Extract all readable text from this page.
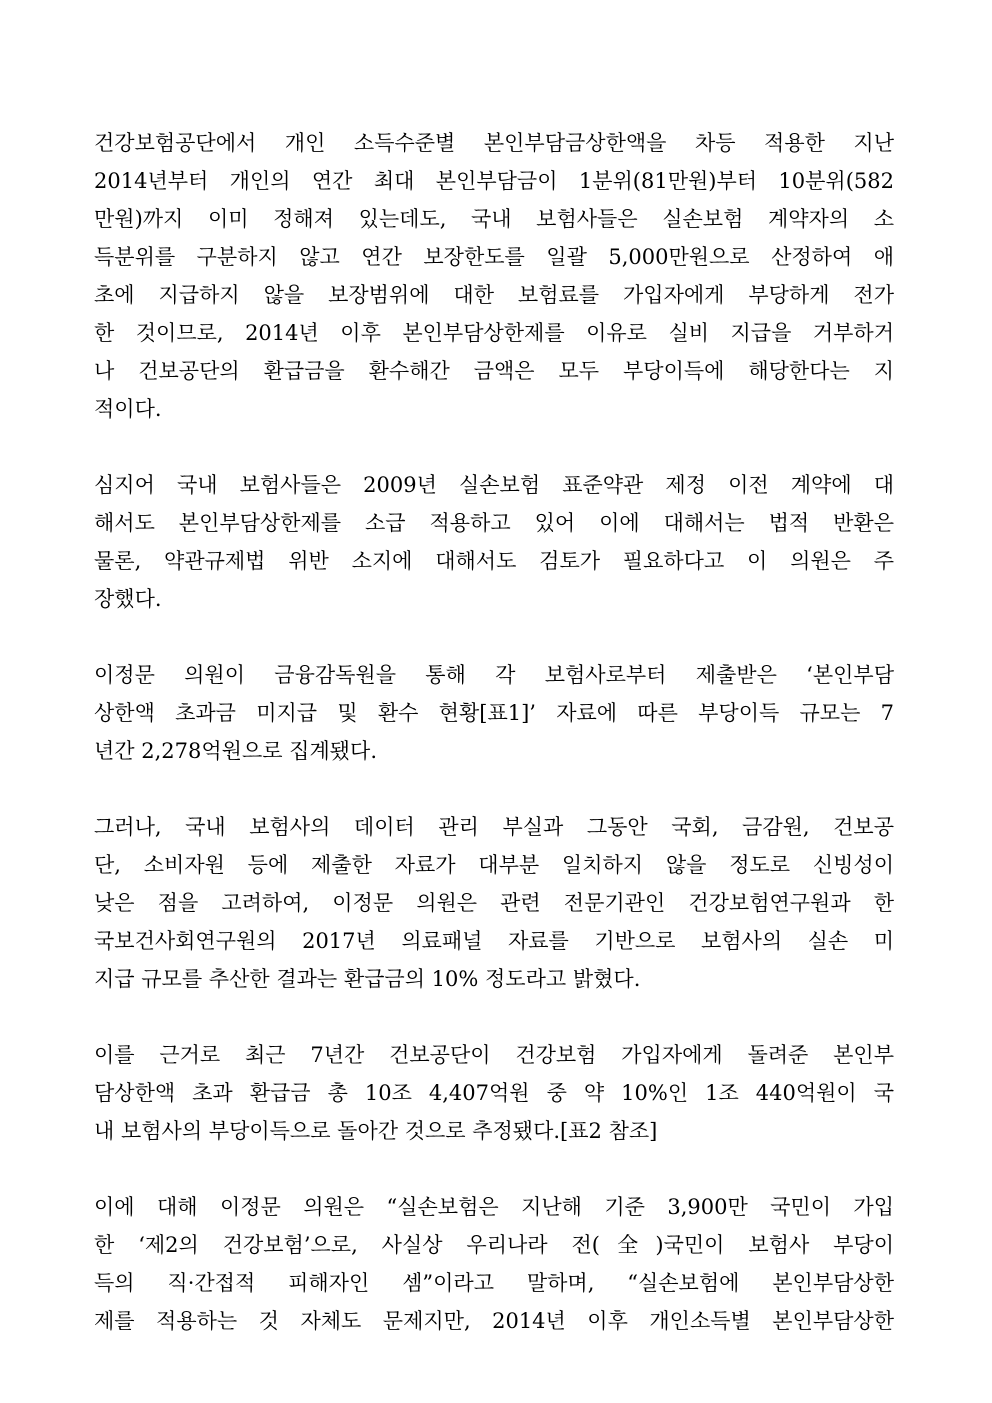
건강보험공단에서 개인 소득수준별 본인부담금상한액을 차등 적용한 지난
2014년부터 개인의 연간 최대 본인부담금이 1분위(81만원)부터 10분위(582
만원)까지 이미 정해져 있는데도, 국내 보험사들은 실손보험 계약자의 소
득분위를 구분하지 않고 연간 보장한도를 일괄 5,000만원으로 산정하여 애
초에 지급하지 않을 보장범위에 대한 보험료를 가입자에게 부당하게 전가
한 것이므로, 2014년 이후 본인부담상한제를 이유로 실비 지급을 거부하거
나 건보공단의 환급금을 환수해간 금액은 모두 부당이득에 해당한다는 지
적이다.

심지어 국내 보험사들은 2009년 실손보험 표준약관 제정 이전 계약에 대
해서도 본인부담상한제를 소급 적용하고 있어 이에 대해서는 법적 반환은
물론, 약관규제법 위반 소지에 대해서도 검토가 필요하다고 이 의원은 주
장했다.

이정문 의원이 금융감독원을 통해 각 보험사로부터 제출받은 ‘본인부담
상한액 초과금 미지급 및 환수 현황[표1]’ 자료에 따른 부당이득 규모는 7
년간 2,278억원으로 집계됐다.

그러나, 국내 보험사의 데이터 관리 부실과 그동안 국회, 금감원, 건보공
단, 소비자원 등에 제출한 자료가 대부분 일치하지 않을 정도로 신빙성이
낮은 점을 고려하여, 이정문 의원은 관련 전문기관인 건강보험연구원과 한
국보건사회연구원의 2017년 의료패널 자료를 기반으로 보험사의 실손 미
지급 규모를 추산한 결과는 환급금의 10% 정도라고 밝혔다.

이를 근거로 최근 7년간 건보공단이 건강보험 가입자에게 돌려준 본인부
담상한액 초과 환급금 총 10조 4,407억원 중 약 10%인 1조 440억원이 국
내 보험사의 부당이득으로 돌아간 것으로 추정됐다.[표2 참조]

이에 대해 이정문 의원은 “실손보험은 지난해 기준 3,900만 국민이 가입
한 ‘제2의 건강보험’으로, 사실상 우리나라 전(全)국민이 보험사 부당이
득의 직·간접적 피해자인 셈”이라고 말하며, “실손보험에 본인부담상한
제를 적용하는 것 자체도 문제지만, 2014년 이후 개인소득별 본인부담상한
